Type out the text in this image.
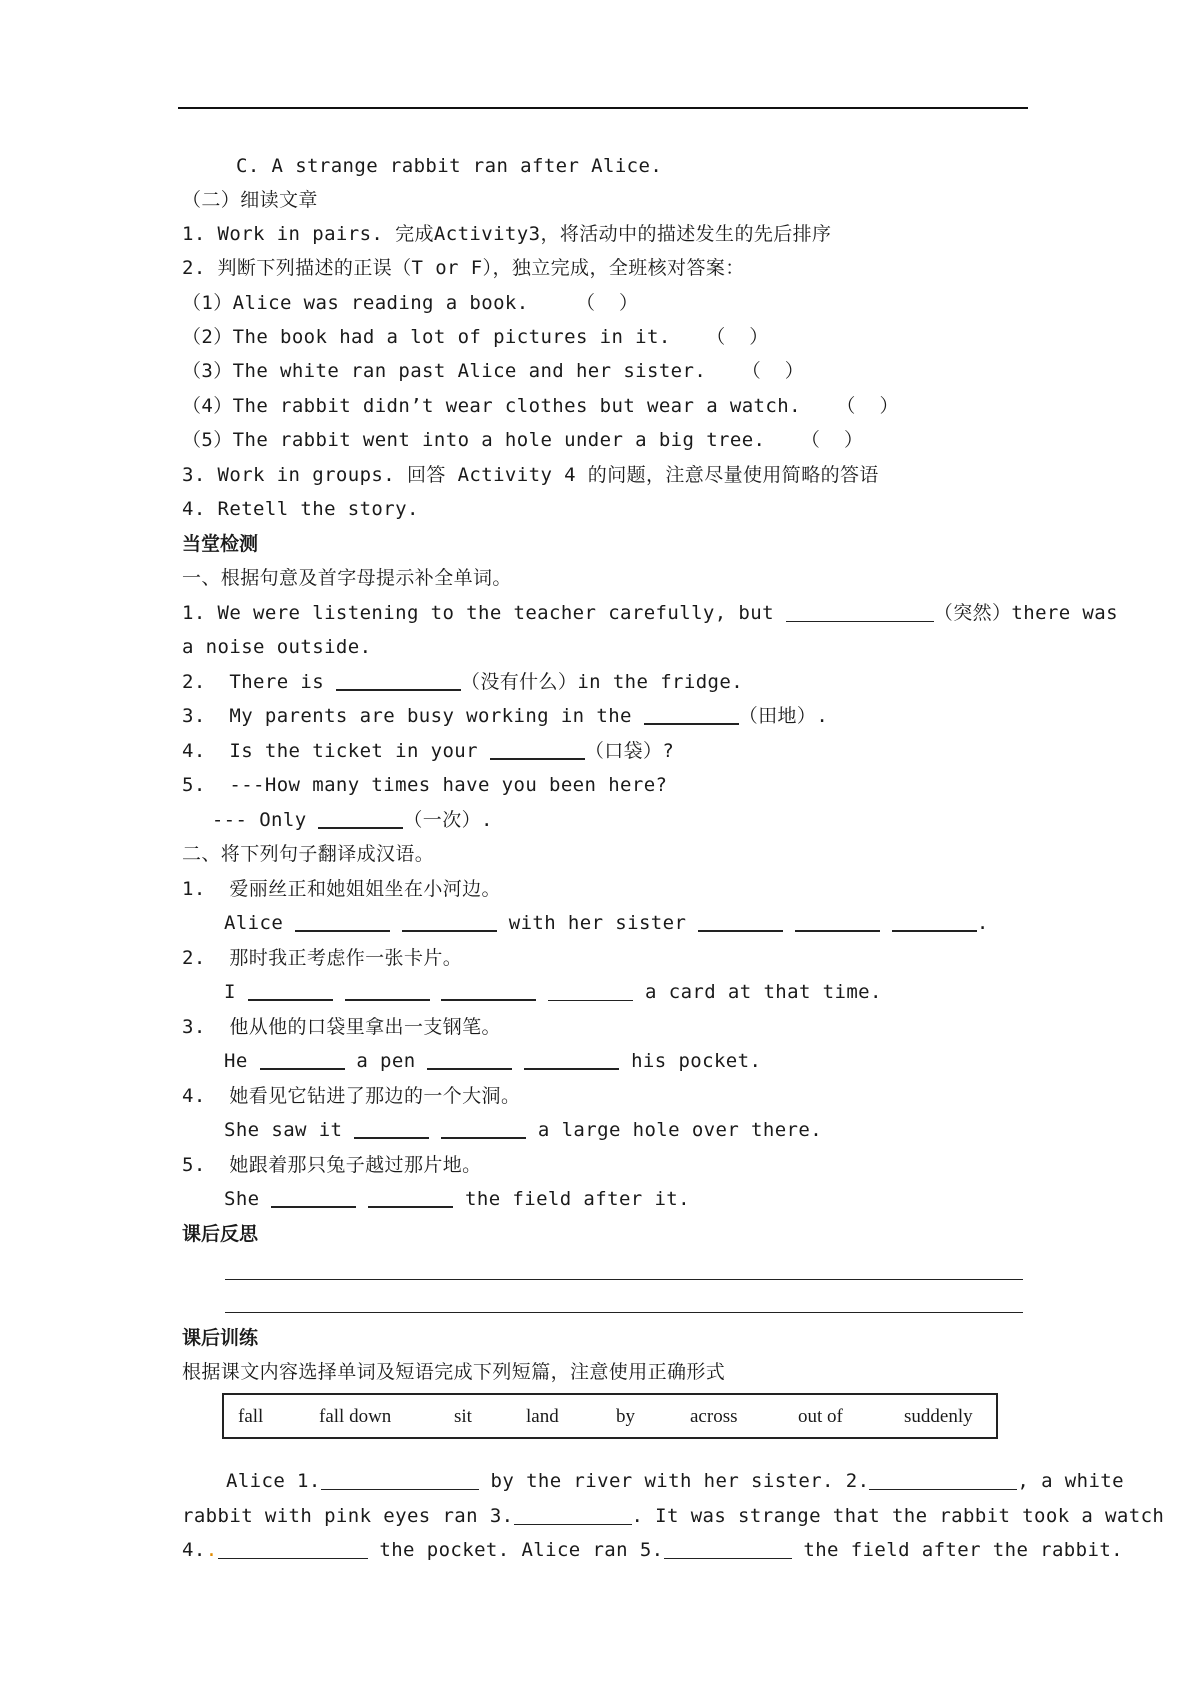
C. A strange rabbit ran after Alice.
（二）细读文章
1. Work in pairs. 完成Activity3，将活动中的描述发生的先后排序
2. 判断下列描述的正误（T or F），独立完成，全班核对答案：
（1）Alice was reading a book.    （  ）
（2）The book had a lot of pictures in it.   （  ）
（3）The white ran past Alice and her sister.   （  ）
（4）The rabbit didn’t wear clothes but wear a watch.   （  ）
（5）The rabbit went into a hole under a big tree.   （  ）
3. Work in groups. 回答 Activity 4 的问题，注意尽量使用简略的答语
4. Retell the story.
当堂检测
一、根据句意及首字母提示补全单词。
1. We were listening to the teacher carefully, but	（突然）there was
a noise outside.
2.  There is	（没有什么）in the fridge.
3.  My parents are busy working in the	（田地）.
4.  Is the ticket in your	（口袋）?
5.  ---How many times have you been here?
--- Only	（一次）.
二、将下列句子翻译成汉语。
1.  爱丽丝正和她姐姐坐在小河边。
Alice	with her sister	.
2.  那时我正考虑作一张卡片。
I	a card at that time.
3.  他从他的口袋里拿出一支钢笔。
He	a pen	his pocket.
4.  她看见它钻进了那边的一个大洞。
She saw it	a large hole over there.
5.  她跟着那只兔子越过那片地。
She	the field after it.
课后反思
课后训练
根据课文内容选择单词及短语完成下列短篇，注意使用正确形式
fall	fall down	sit	land	by	across	out of	suddenly
Alice 1.	by the river with her sister. 2.	, a white
rabbit with pink eyes ran 3.	. It was strange that the rabbit took a watch
4..	the pocket. Alice ran 5.	the field after the rabbit.
